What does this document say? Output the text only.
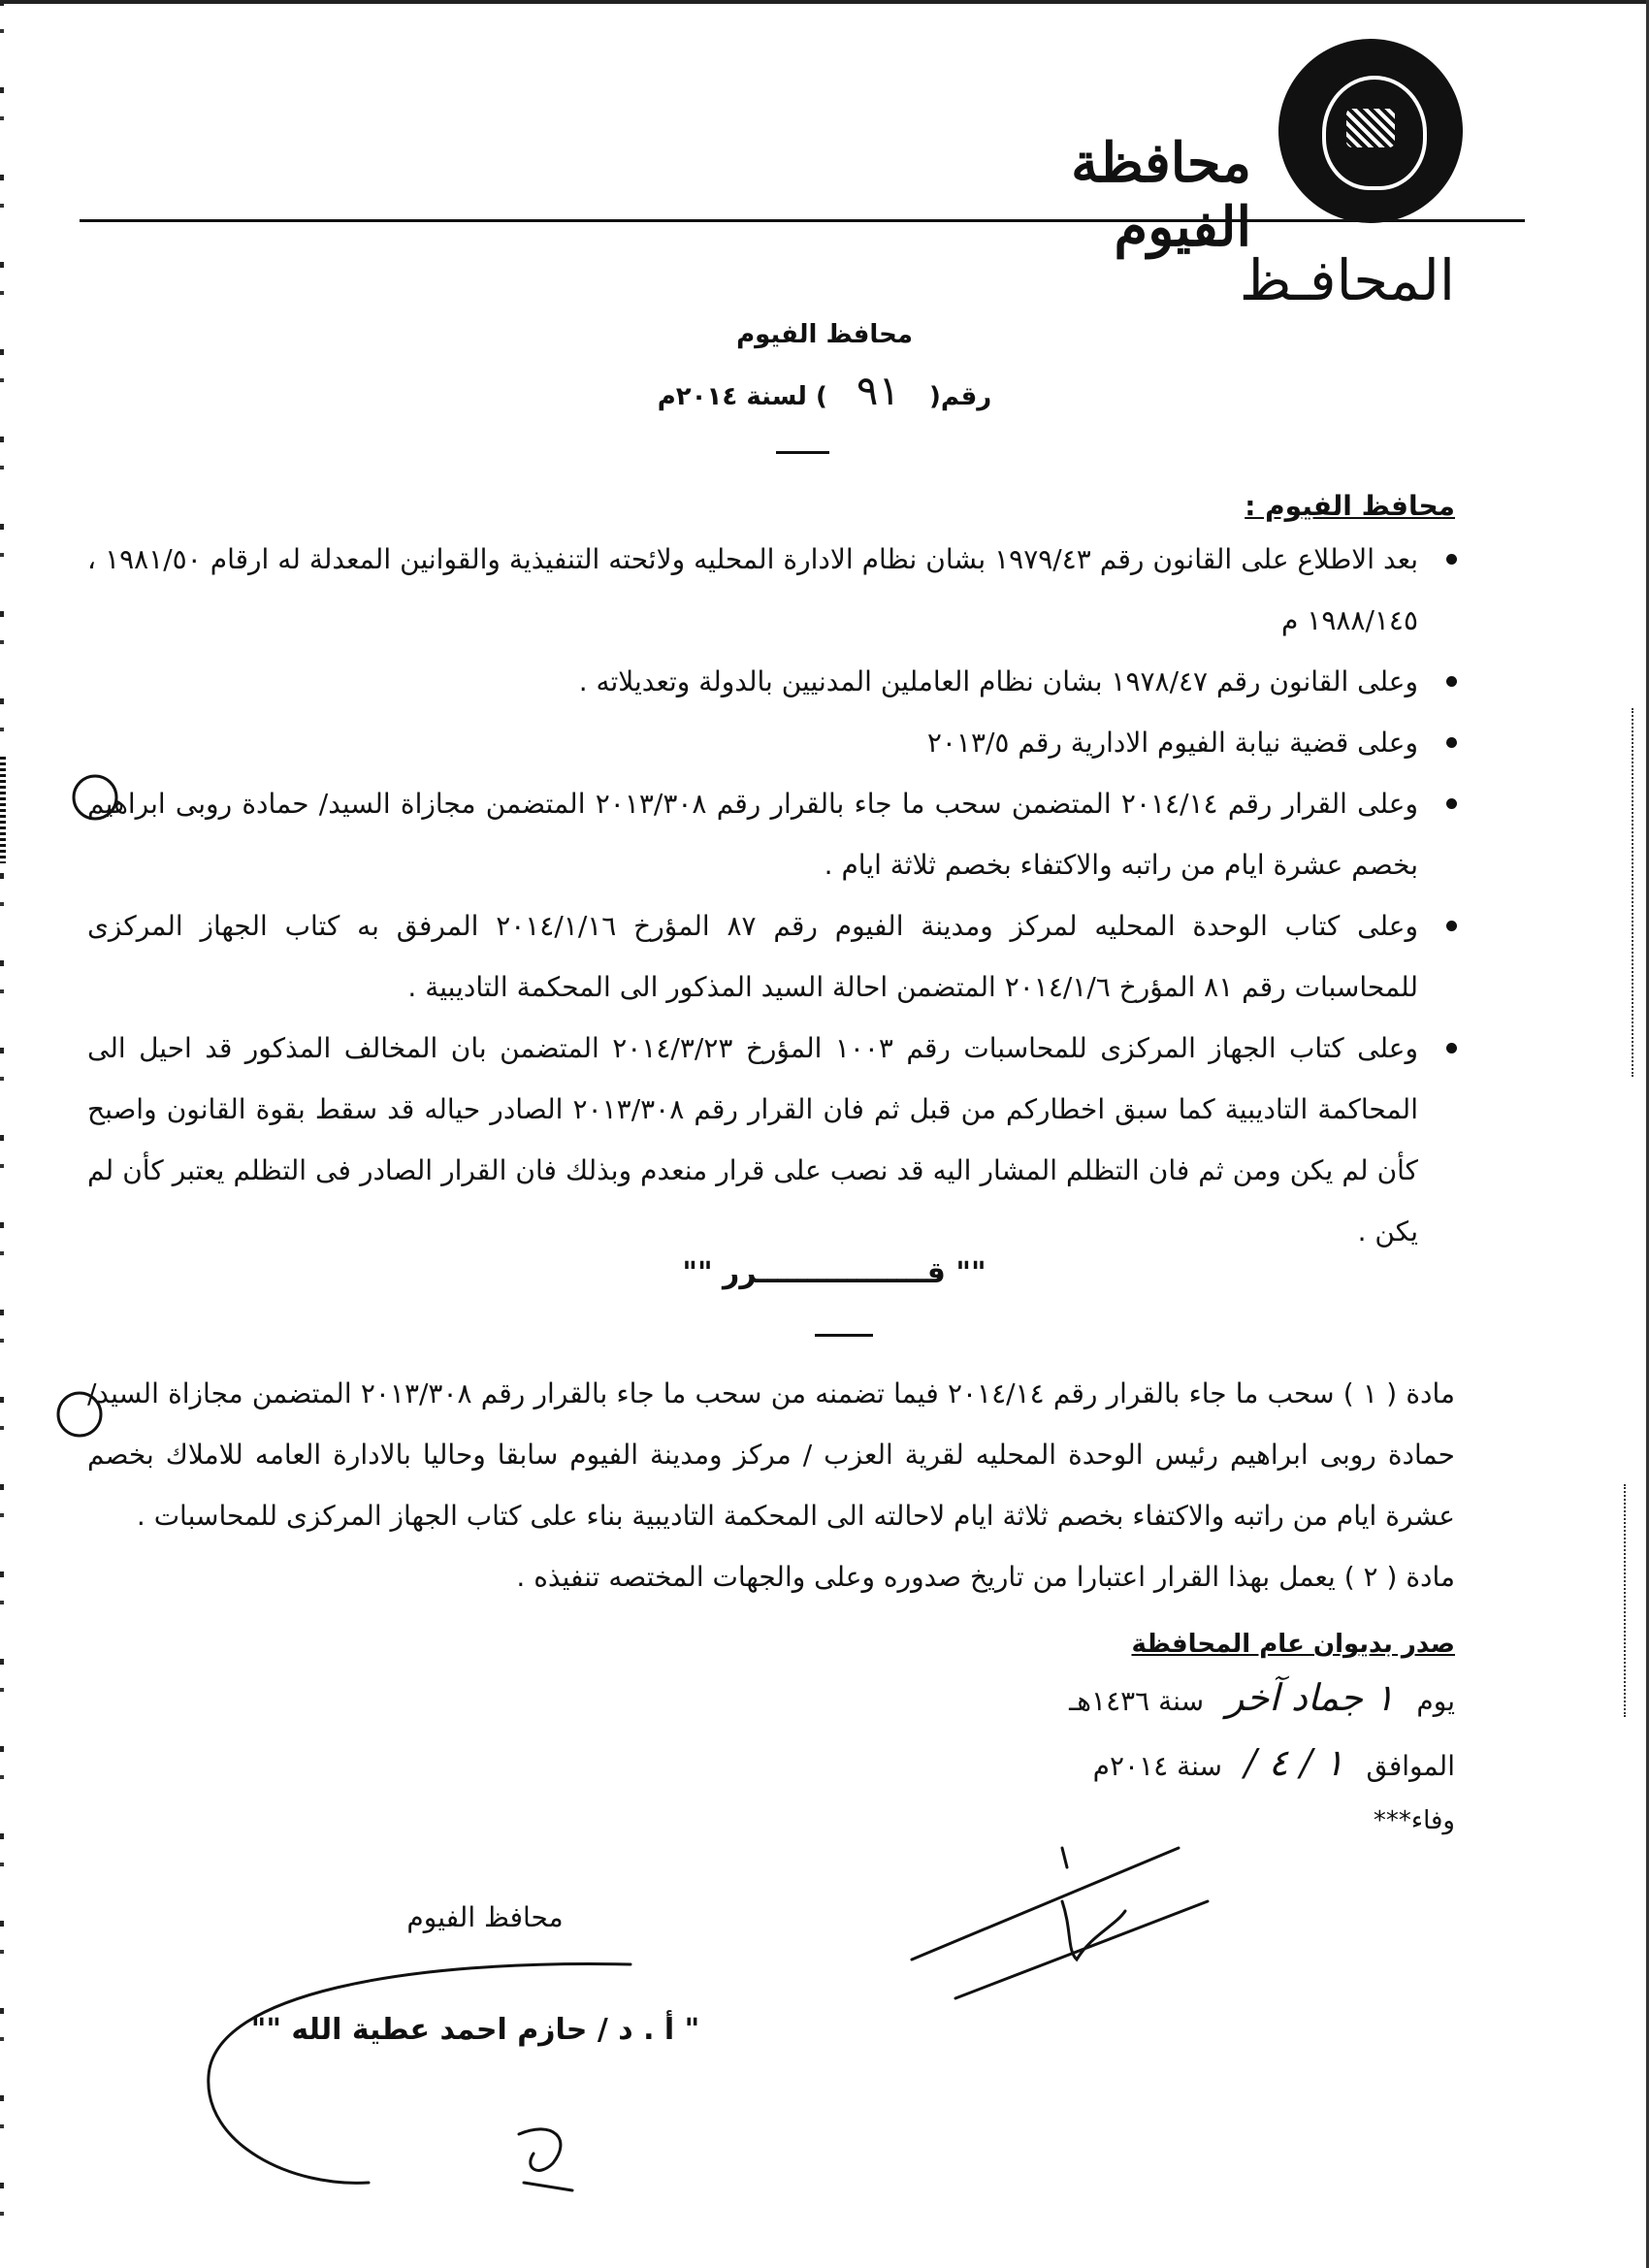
محافظة الفيوم
المحافـظ
محافظ الفيوم
رقم(٩١) لسنة ٢٠١٤م
محافظ الفيوم :
بعد الاطلاع على القانون رقم ١٩٧٩/٤٣ بشان نظام الادارة المحليه ولائحته التنفيذية والقوانين المعدلة له ارقام ١٩٨١/٥٠ ، ١٩٨٨/١٤٥ م
وعلى القانون رقم ١٩٧٨/٤٧ بشان نظام العاملين المدنيين بالدولة وتعديلاته .
وعلى قضية نيابة الفيوم الادارية رقم ٢٠١٣/٥
وعلى القرار رقم ٢٠١٤/١٤ المتضمن سحب ما جاء بالقرار رقم ٢٠١٣/٣٠٨ المتضمن مجازاة السيد/ حمادة روبى ابراهيم بخصم عشرة ايام من راتبه والاكتفاء بخصم ثلاثة ايام .
وعلى كتاب الوحدة المحليه لمركز ومدينة الفيوم رقم ٨٧ المؤرخ ٢٠١٤/١/١٦ المرفق به كتاب الجهاز المركزى للمحاسبات رقم ٨١ المؤرخ ٢٠١٤/١/٦ المتضمن احالة السيد المذكور الى المحكمة التاديبية .
وعلى كتاب الجهاز المركزى للمحاسبات رقم ١٠٠٣ المؤرخ ٢٠١٤/٣/٢٣ المتضمن بان المخالف المذكور قد احيل الى المحاكمة التاديبية كما سبق اخطاركم من قبل ثم فان القرار رقم ٢٠١٣/٣٠٨ الصادر حياله قد سقط بقوة القانون واصبح كأن لم يكن ومن ثم فان التظلم المشار اليه قد نصب على قرار منعدم وبذلك فان القرار الصادر فى التظلم يعتبر كأن لم يكن .
"" قـــــــــــــــــرر ""
مادة ( ١ ) سحب ما جاء بالقرار رقم ٢٠١٤/١٤ فيما تضمنه من سحب ما جاء بالقرار رقم ٢٠١٣/٣٠٨ المتضمن مجازاة السيد/ حمادة روبى ابراهيم رئيس الوحدة المحليه لقرية العزب / مركز ومدينة الفيوم سابقا وحاليا بالادارة العامه للاملاك بخصم عشرة ايام من راتبه والاكتفاء بخصم ثلاثة ايام لاحالته الى المحكمة التاديبية بناء على كتاب الجهاز المركزى للمحاسبات .
مادة ( ٢ ) يعمل بهذا القرار اعتبارا من تاريخ صدوره وعلى والجهات المختصه تنفيذه .
صدر بديوان عام المحافظة
يوم ١ جماد آخر سنة ١٤٣٦هـ
الموافق ١ / ٤ / سنة ٢٠١٤م
وفاء***
محافظ الفيوم
" أ . د / حازم احمد عطية الله ""
